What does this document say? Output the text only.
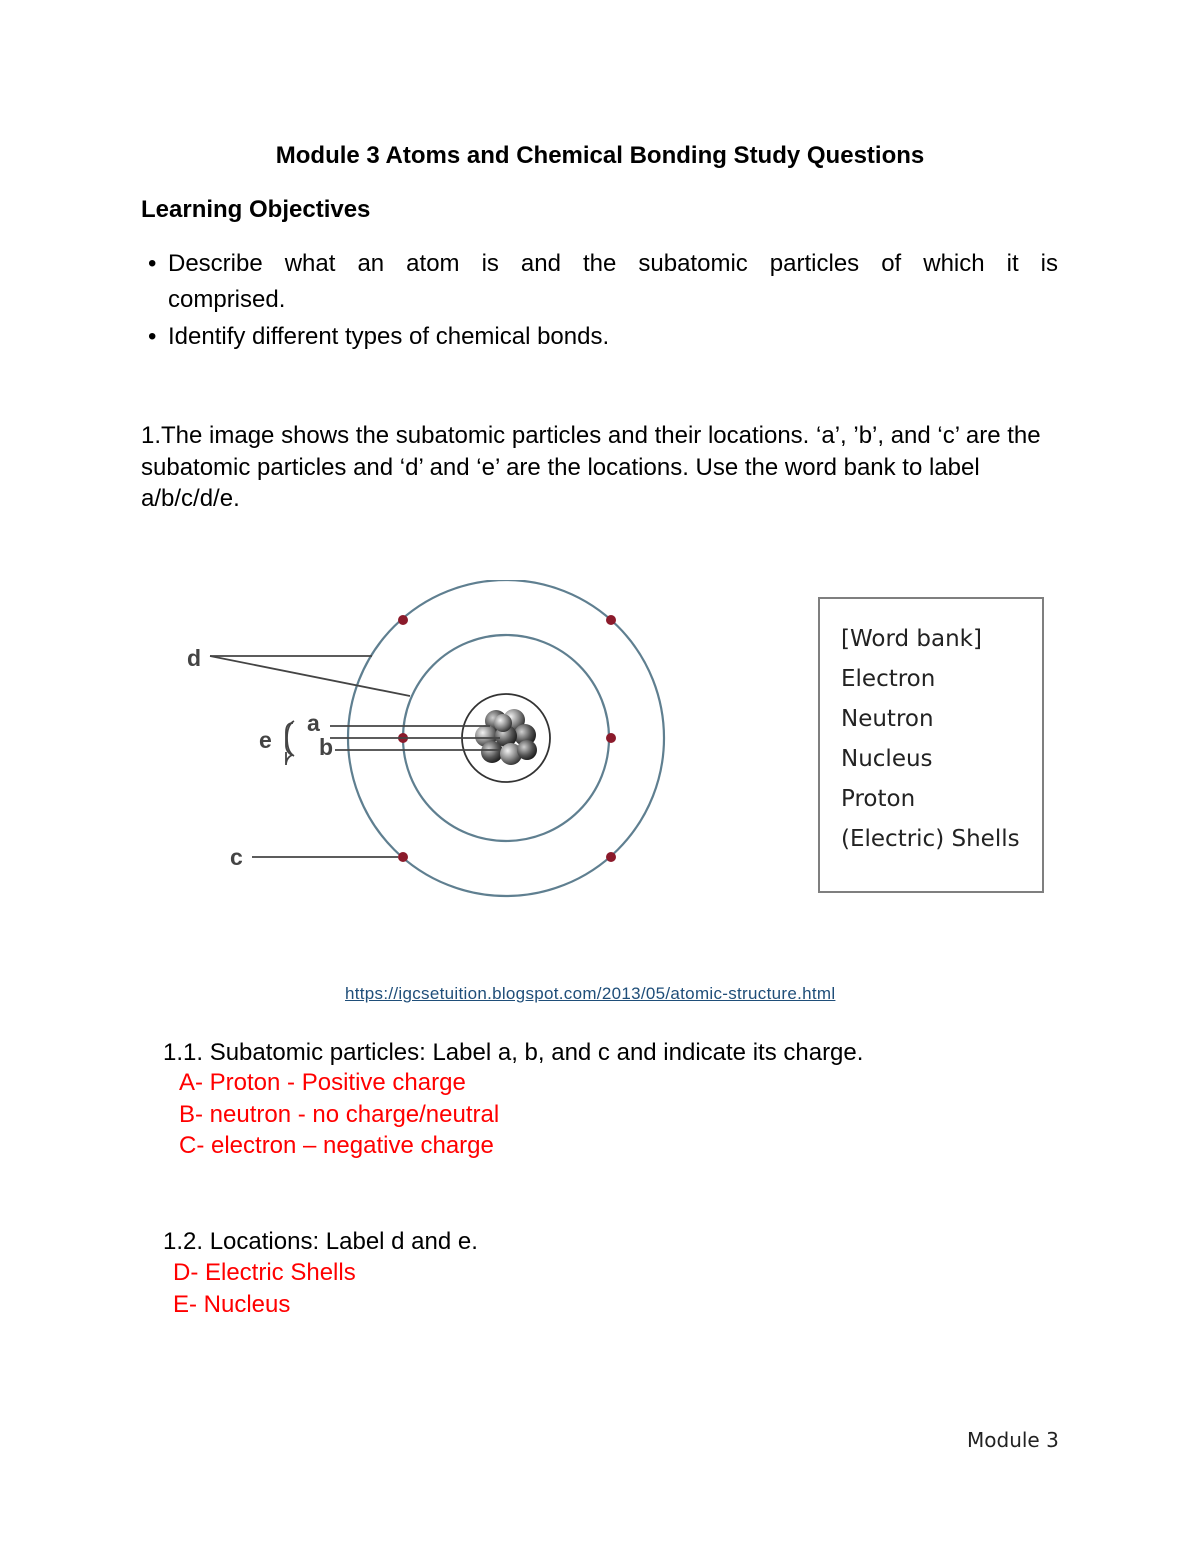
Module 3 Atoms and Chemical Bonding Study Questions
Learning Objectives
• Describe what an atom is and the subatomic particles of which it is
comprised.
• Identify different types of chemical bonds.
1.The image shows the subatomic particles and their locations. ‘a’, ’b’, and ‘c’ are the subatomic particles and ‘d’ and ‘e’ are the locations. Use the word bank to label a/b/c/d/e.
d
e
a
b
c
[Word bank]
Electron
Neutron
Nucleus
Proton
(Electric) Shells
https://igcsetuition.blogspot.com/2013/05/atomic-structure.html
1.1. Subatomic particles: Label a, b, and c and indicate its charge.
A- Proton - Positive charge
B- neutron - no charge/neutral
C- electron – negative charge
1.2. Locations: Label d and e.
D- Electric Shells
E- Nucleus
Module 3
